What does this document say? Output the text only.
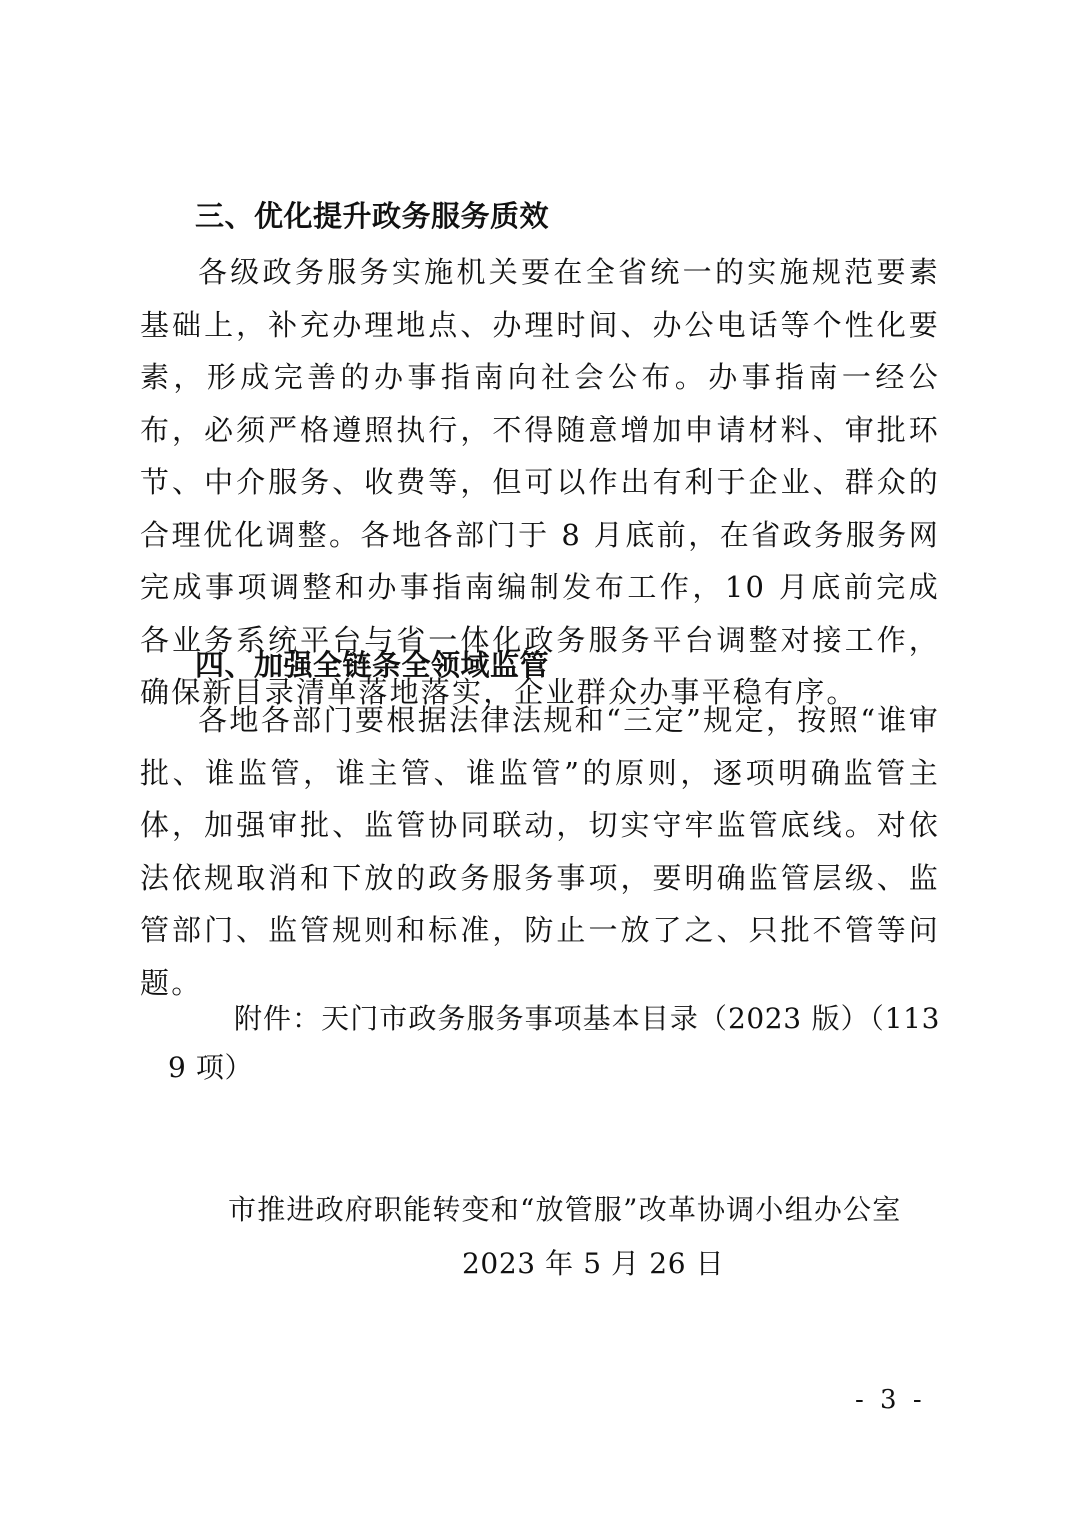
三、优化提升政务服务质效

各级政务服务实施机关要在全省统一的实施规范要素基础上，补充办理地点、办理时间、办公电话等个性化要素，形成完善的办事指南向社会公布。办事指南一经公布，必须严格遵照执行，不得随意增加申请材料、审批环节、中介服务、收费等，但可以作出有利于企业、群众的合理优化调整。各地各部门于 8 月底前，在省政务服务网完成事项调整和办事指南编制发布工作，10 月底前完成各业务系统平台与省一体化政务服务平台调整对接工作，确保新目录清单落地落实，企业群众办事平稳有序。

四、加强全链条全领域监管

各地各部门要根据法律法规和“三定”规定，按照“谁审批、谁监管，谁主管、谁监管”的原则，逐项明确监管主体，加强审批、监管协同联动，切实守牢监管底线。对依法依规取消和下放的政务服务事项，要明确监管层级、监管部门、监管规则和标准，防止一放了之、只批不管等问题。

附件：天门市政务服务事项基本目录（2023 版）（1139 项）

市推进政府职能转变和“放管服”改革协调小组办公室
2023 年 5 月 26 日
- 3 -
